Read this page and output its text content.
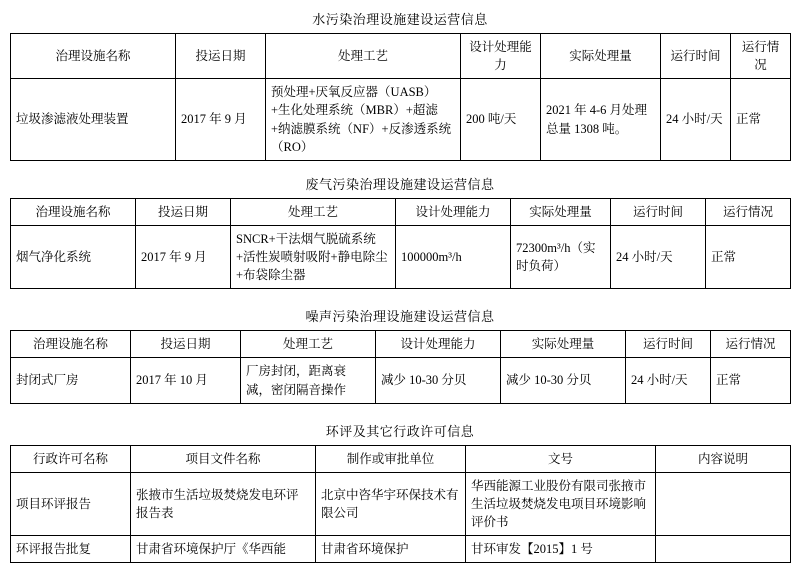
水污染治理设施建设运营信息
治理设施名称	投运日期	处理工艺	设计处理能力	实际处理量	运行时间	运行情况
垃圾渗滤液处理装置	2017 年 9 月	预处理+厌氧反应器（UASB）+生化处理系统（MBR）+超滤+纳滤膜系统（NF）+反渗透系统（RO）	200 吨/天	2021 年 4-6 月处理总量 1308 吨。	24 小时/天	正常
废气污染治理设施建设运营信息
治理设施名称	投运日期	处理工艺	设计处理能力	实际处理量	运行时间	运行情况
烟气净化系统	2017 年 9 月	SNCR+干法烟气脱硫系统+活性炭喷射吸附+静电除尘+布袋除尘器	100000m³/h	72300m³/h（实时负荷）	24 小时/天	正常
噪声污染治理设施建设运营信息
治理设施名称	投运日期	处理工艺	设计处理能力	实际处理量	运行时间	运行情况
封闭式厂房	2017 年 10 月	厂房封闭，距离衰减，密闭隔音操作	减少 10-30 分贝	减少 10-30 分贝	24 小时/天	正常
环评及其它行政许可信息
行政许可名称	项目文件名称	制作或审批单位	文号	内容说明
项目环评报告	张掖市生活垃圾焚烧发电环评报告表	北京中咨华宇环保技术有限公司	华西能源工业股份有限司张掖市生活垃圾焚烧发电项目环境影响评价书	
环评报告批复	甘肃省环境保护厅《华西能	甘肃省环境保护	甘环审发【2015】1 号	
